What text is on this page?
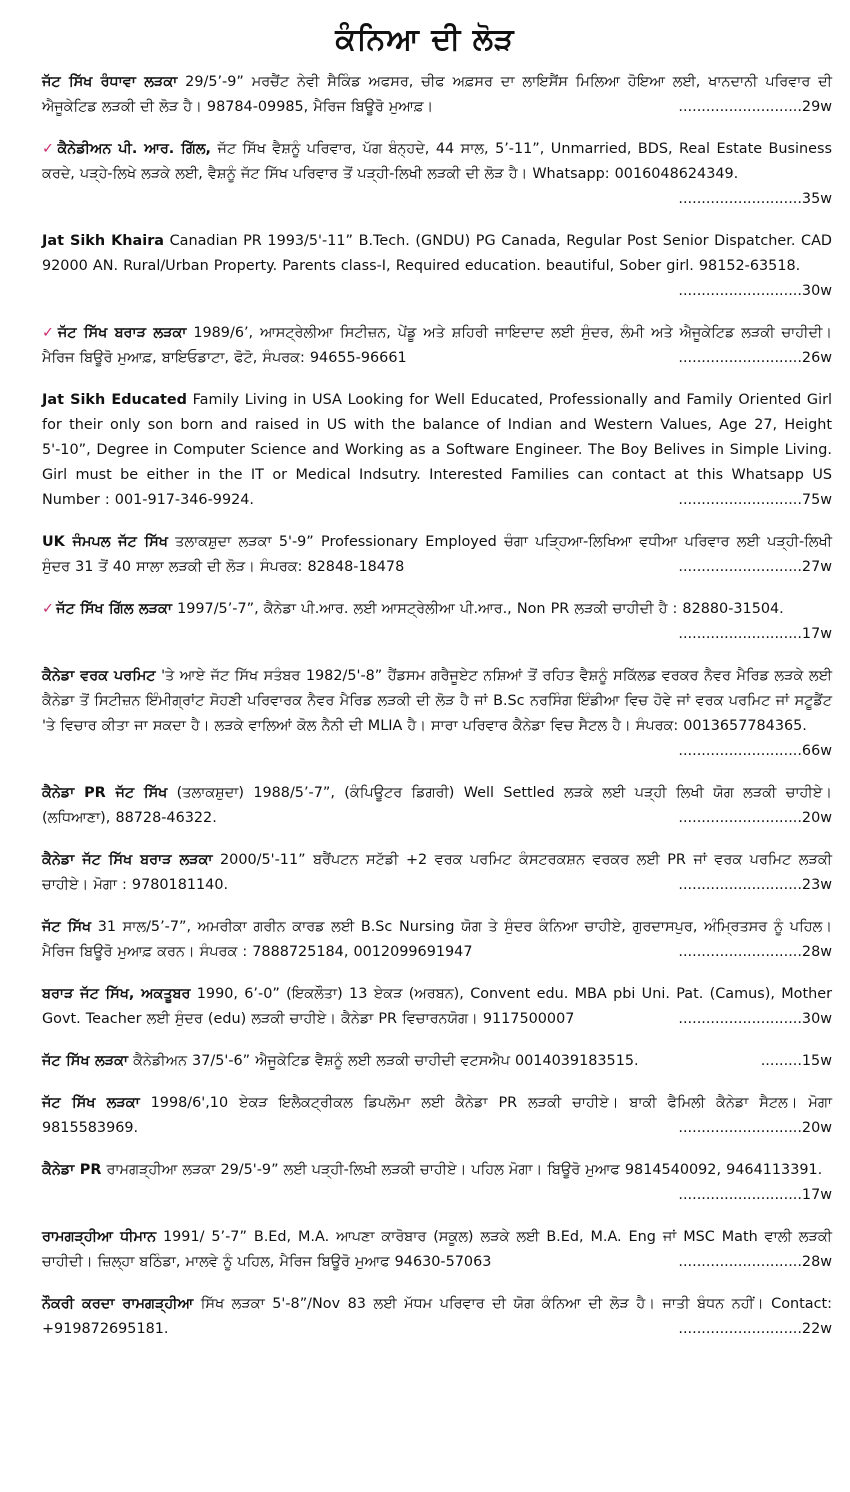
ਕੰਨਿਆ ਦੀ ਲੋੜ
ਜੱਟ ਸਿੱਖ ਰੰਧਾਵਾ ਲੜਕਾ 29/5’-9” ਮਰਚੈਂਟ ਨੇਵੀ ਸੈਕਿੰਡ ਅਫਸਰ, ਚੀਫ ਅਫ਼ਸਰ ਦਾ ਲਾਇਸੈਂਸ ਮਿਲਿਆ ਹੋਇਆ ਲਈ, ਖਾਨਦਾਨੀ ਪਰਿਵਾਰ ਦੀ ਐਜੂਕੇਟਿਡ ਲੜਕੀ ਦੀ ਲੋੜ ਹੈ। 98784-09985, ਮੈਰਿਜ ਬਿਊਰੋ ਮੁਆਫ਼।	...........................29w
✓ ਕੈਨੇਡੀਅਨ ਪੀ. ਆਰ. ਗਿੱਲ, ਜੱਟ ਸਿੱਖ ਵੈਸ਼ਨੂੰ ਪਰਿਵਾਰ, ਪੱਗ ਬੰਨ੍ਹਦੇ, 44 ਸਾਲ, 5’-11”, Unmarried, BDS, Real Estate Business ਕਰਦੇ, ਪੜ੍ਹੇ-ਲਿਖੇ ਲੜਕੇ ਲਈ, ਵੈਸ਼ਨੂੰ ਜੱਟ ਸਿੱਖ ਪਰਿਵਾਰ ਤੋਂ ਪੜ੍ਹੀ-ਲਿਖੀ ਲੜਕੀ ਦੀ ਲੋੜ ਹੈ। Whatsapp: 0016048624349.
...........................35w
Jat Sikh Khaira Canadian PR 1993/5'-11” B.Tech. (GNDU) PG Canada, Regular Post Senior Dispatcher. CAD 92000 AN. Rural/Urban Property. Parents class-I, Required education. beautiful, Sober girl. 98152-63518.
...........................30w
✓ ਜੱਟ ਸਿੱਖ ਬਰਾੜ ਲੜਕਾ 1989/6’, ਆਸਟ੍ਰੇਲੀਆ ਸਿਟੀਜ਼ਨ, ਪੇਂਡੂ ਅਤੇ ਸ਼ਹਿਰੀ ਜਾਇਦਾਦ ਲਈ ਸੁੰਦਰ, ਲੰਮੀ ਅਤੇ ਐਜੂਕੇਟਿਡ ਲੜਕੀ ਚਾਹੀਦੀ। ਮੈਰਿਜ ਬਿਊਰੋ ਮੁਆਫ਼, ਬਾਇਓਡਾਟਾ, ਫੋਟੋ, ਸੰਪਰਕ: 94655-96661	...........................26w
Jat Sikh Educated Family Living in USA Looking for Well Educated, Professionally and Family Oriented Girl for their only son born and raised in US with the balance of Indian and Western Values, Age 27, Height 5'-10”, Degree in Computer Science and Working as a Software Engineer. The Boy Belives in Simple Living. Girl must be either in the IT or Medical Indsutry. Interested Families can contact at this Whatsapp US Number : 001-917-346-9924.	...........................75w
UK ਜੰਮਪਲ ਜੱਟ ਸਿੱਖ ਤਲਾਕਸ਼ੁਦਾ ਲੜਕਾ 5'-9” Professionary Employed ਚੰਗਾ ਪੜ੍ਹਿਆ-ਲਿਖਿਆ ਵਧੀਆ ਪਰਿਵਾਰ ਲਈ ਪੜ੍ਹੀ-ਲਿਖੀ ਸੁੰਦਰ 31 ਤੋਂ 40 ਸਾਲਾ ਲੜਕੀ ਦੀ ਲੋੜ। ਸੰਪਰਕ: 82848-18478	...........................27w
✓ ਜੱਟ ਸਿੱਖ ਗਿੱਲ ਲੜਕਾ 1997/5’-7”, ਕੈਨੇਡਾ ਪੀ.ਆਰ. ਲਈ ਆਸਟ੍ਰੇਲੀਆ ਪੀ.ਆਰ., Non PR ਲੜਕੀ ਚਾਹੀਦੀ ਹੈ : 82880-31504.
...........................17w
ਕੈਨੇਡਾ ਵਰਕ ਪਰਮਿਟ 'ਤੇ ਆਏ ਜੱਟ ਸਿੱਖ ਸਤੰਬਰ 1982/5'-8” ਹੈਂਡਸਮ ਗਰੈਜੂਏਟ ਨਸ਼ਿਆਂ ਤੋਂ ਰਹਿਤ ਵੈਸ਼ਨੂੰ ਸਕਿੱਲਡ ਵਰਕਰ ਨੈਵਰ ਮੈਰਿਡ ਲੜਕੇ ਲਈ ਕੈਨੇਡਾ ਤੋਂ ਸਿਟੀਜ਼ਨ ਇੰਮੀਗ੍ਰਾਂਟ ਸੋਹਣੀ ਪਰਿਵਾਰਕ ਨੈਵਰ ਮੈਰਿਡ ਲੜਕੀ ਦੀ ਲੋੜ ਹੈ ਜਾਂ B.Sc ਨਰਸਿੰਗ ਇੰਡੀਆ ਵਿਚ ਹੋਵੇ ਜਾਂ ਵਰਕ ਪਰਮਿਟ ਜਾਂ ਸਟੂਡੈਂਟ 'ਤੇ ਵਿਚਾਰ ਕੀਤਾ ਜਾ ਸਕਦਾ ਹੈ। ਲੜਕੇ ਵਾਲਿਆਂ ਕੋਲ ਨੈਨੀ ਦੀ MLIA ਹੈ। ਸਾਰਾ ਪਰਿਵਾਰ ਕੈਨੇਡਾ ਵਿਚ ਸੈਟਲ ਹੈ। ਸੰਪਰਕ: 0013657784365.
...........................66w
ਕੈਨੇਡਾ PR ਜੱਟ ਸਿੱਖ (ਤਲਾਕਸ਼ੁਦਾ) 1988/5’-7”, (ਕੰਪਿਊਟਰ ਡਿਗਰੀ) Well Settled ਲੜਕੇ ਲਈ ਪੜ੍ਹੀ ਲਿਖੀ ਯੋਗ ਲੜਕੀ ਚਾਹੀਏ। (ਲਧਿਆਣਾ), 88728-46322.	...........................20w
ਕੈਨੇਡਾ ਜੱਟ ਸਿੱਖ ਬਰਾੜ ਲੜਕਾ 2000/5'-11” ਬਰੈਂਪਟਨ ਸਟੱਡੀ +2 ਵਰਕ ਪਰਮਿਟ ਕੰਸਟਰਕਸ਼ਨ ਵਰਕਰ ਲਈ PR ਜਾਂ ਵਰਕ ਪਰਮਿਟ ਲੜਕੀ ਚਾਹੀਏ। ਮੋਗਾ : 9780181140.	...........................23w
ਜੱਟ ਸਿੱਖ 31 ਸਾਲ/5’-7”, ਅਮਰੀਕਾ ਗਰੀਨ ਕਾਰਡ ਲਈ B.Sc Nursing ਯੋਗ ਤੇ ਸੁੰਦਰ ਕੰਨਿਆ ਚਾਹੀਏ, ਗੁਰਦਾਸਪੁਰ, ਅੰਮ੍ਰਿਤਸਰ ਨੂੰ ਪਹਿਲ। ਮੈਰਿਜ ਬਿਊਰੋ ਮੁਆਫ਼ ਕਰਨ। ਸੰਪਰਕ : 7888725184, 0012099691947	...........................28w
ਬਰਾੜ ਜੱਟ ਸਿੱਖ, ਅਕਤੂਬਰ 1990, 6’-0” (ਇਕਲੌਤਾ) 13 ਏਕੜ (ਅਰਬਨ), Convent edu. MBA pbi Uni. Pat. (Camus), Mother Govt. Teacher ਲਈ ਸੁੰਦਰ (edu) ਲੜਕੀ ਚਾਹੀਏ। ਕੈਨੇਡਾ PR ਵਿਚਾਰਨਯੋਗ। 9117500007	...........................30w
ਜੱਟ ਸਿੱਖ ਲੜਕਾ ਕੈਨੇਡੀਅਨ 37/5'-6” ਐਜੂਕੇਟਿਡ ਵੈਸ਼ਨੂੰ ਲਈ ਲੜਕੀ ਚਾਹੀਦੀ ਵਟਸਐਪ 0014039183515.	.........15w
ਜੱਟ ਸਿੱਖ ਲੜਕਾ 1998/6',10 ਏਕੜ ਇਲੈਕਟ੍ਰੀਕਲ ਡਿਪਲੋਮਾ ਲਈ ਕੈਨੇਡਾ PR ਲੜਕੀ ਚਾਹੀਏ। ਬਾਕੀ ਫੈਮਿਲੀ ਕੈਨੇਡਾ ਸੈਟਲ। ਮੋਗਾ 9815583969.	...........................20w
ਕੈਨੇਡਾ PR ਰਾਮਗੜ੍ਹੀਆ ਲੜਕਾ 29/5'-9” ਲਈ ਪੜ੍ਹੀ-ਲਿਖੀ ਲੜਕੀ ਚਾਹੀਏ। ਪਹਿਲ ਮੋਗਾ। ਬਿਊਰੋ ਮੁਆਫ 9814540092, 9464113391.
...........................17w
ਰਾਮਗੜ੍ਹੀਆ ਧੀਮਾਨ 1991/ 5’-7” B.Ed, M.A. ਆਪਣਾ ਕਾਰੋਬਾਰ (ਸਕੂਲ) ਲੜਕੇ ਲਈ B.Ed, M.A. Eng ਜਾਂ MSC Math ਵਾਲੀ ਲੜਕੀ ਚਾਹੀਦੀ। ਜ਼ਿਲ੍ਹਾ ਬਠਿੰਡਾ, ਮਾਲਵੇ ਨੂੰ ਪਹਿਲ, ਮੈਰਿਜ ਬਿਊਰੋ ਮੁਆਫ 94630-57063	...........................28w
ਨੌਕਰੀ ਕਰਦਾ ਰਾਮਗੜ੍ਹੀਆ ਸਿੱਖ ਲੜਕਾ 5'-8”/Nov 83 ਲਈ ਮੱਧਮ ਪਰਿਵਾਰ ਦੀ ਯੋਗ ਕੰਨਿਆ ਦੀ ਲੋੜ ਹੈ। ਜਾਤੀ ਬੰਧਨ ਨਹੀਂ। Contact: +919872695181.	...........................22w
